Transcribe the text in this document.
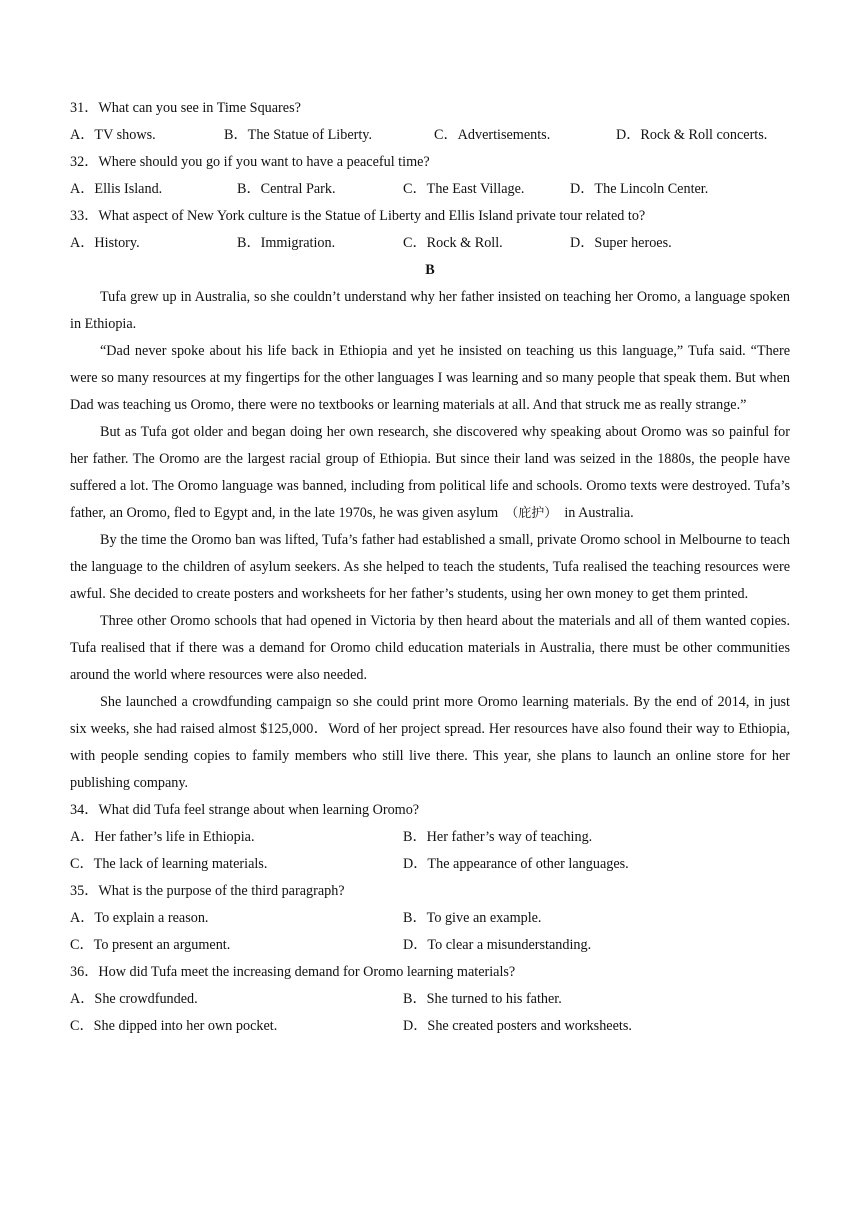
31．What can you see in Time Squares?
A．TV shows.	B．The Statue of Liberty.	C．Advertisements.	D．Rock & Roll concerts.
32．Where should you go if you want to have a peaceful time?
A．Ellis Island.	B．Central Park.	C．The East Village.	D．The Lincoln Center.
33．What aspect of New York culture is the Statue of Liberty and Ellis Island private tour related to?
A．History.	B．Immigration.	C．Rock & Roll.	D．Super heroes.
B

Tufa grew up in Australia, so she couldn’t understand why her father insisted on teaching her Oromo, a language spoken in Ethiopia.

“Dad never spoke about his life back in Ethiopia and yet he insisted on teaching us this language,” Tufa said. “There were so many resources at my fingertips for the other languages I was learning and so many people that speak them. But when Dad was teaching us Oromo, there were no textbooks or learning materials at all. And that struck me as really strange.”

But as Tufa got older and began doing her own research, she discovered why speaking about Oromo was so painful for her father. The Oromo are the largest racial group of Ethiopia. But since their land was seized in the 1880s, the people have suffered a lot. The Oromo language was banned, including from political life and schools. Oromo texts were destroyed. Tufa’s father, an Oromo, fled to Egypt and, in the late 1970s, he was given asylum （庇护） in Australia.

By the time the Oromo ban was lifted, Tufa’s father had established a small, private Oromo school in Melbourne to teach the language to the children of asylum seekers. As she helped to teach the students, Tufa realised the teaching resources were awful. She decided to create posters and worksheets for her father’s students, using her own money to get them printed.

Three other Oromo schools that had opened in Victoria by then heard about the materials and all of them wanted copies. Tufa realised that if there was a demand for Oromo child education materials in Australia, there must be other communities around the world where resources were also needed.

She launched a crowdfunding campaign so she could print more Oromo learning materials. By the end of 2014, in just six weeks, she had raised almost $125,000．Word of her project spread. Her resources have also found their way to Ethiopia, with people sending copies to family members who still live there. This year, she plans to launch an online store for her publishing company.

34．What did Tufa feel strange about when learning Oromo?
A．Her father’s life in Ethiopia.	B．Her father’s way of teaching.
C．The lack of learning materials.	D．The appearance of other languages.
35．What is the purpose of the third paragraph?
A．To explain a reason.	B．To give an example.
C．To present an argument.	D．To clear a misunderstanding.
36．How did Tufa meet the increasing demand for Oromo learning materials?
A．She crowdfunded.	B．She turned to his father.
C．She dipped into her own pocket.	D．She created posters and worksheets.
